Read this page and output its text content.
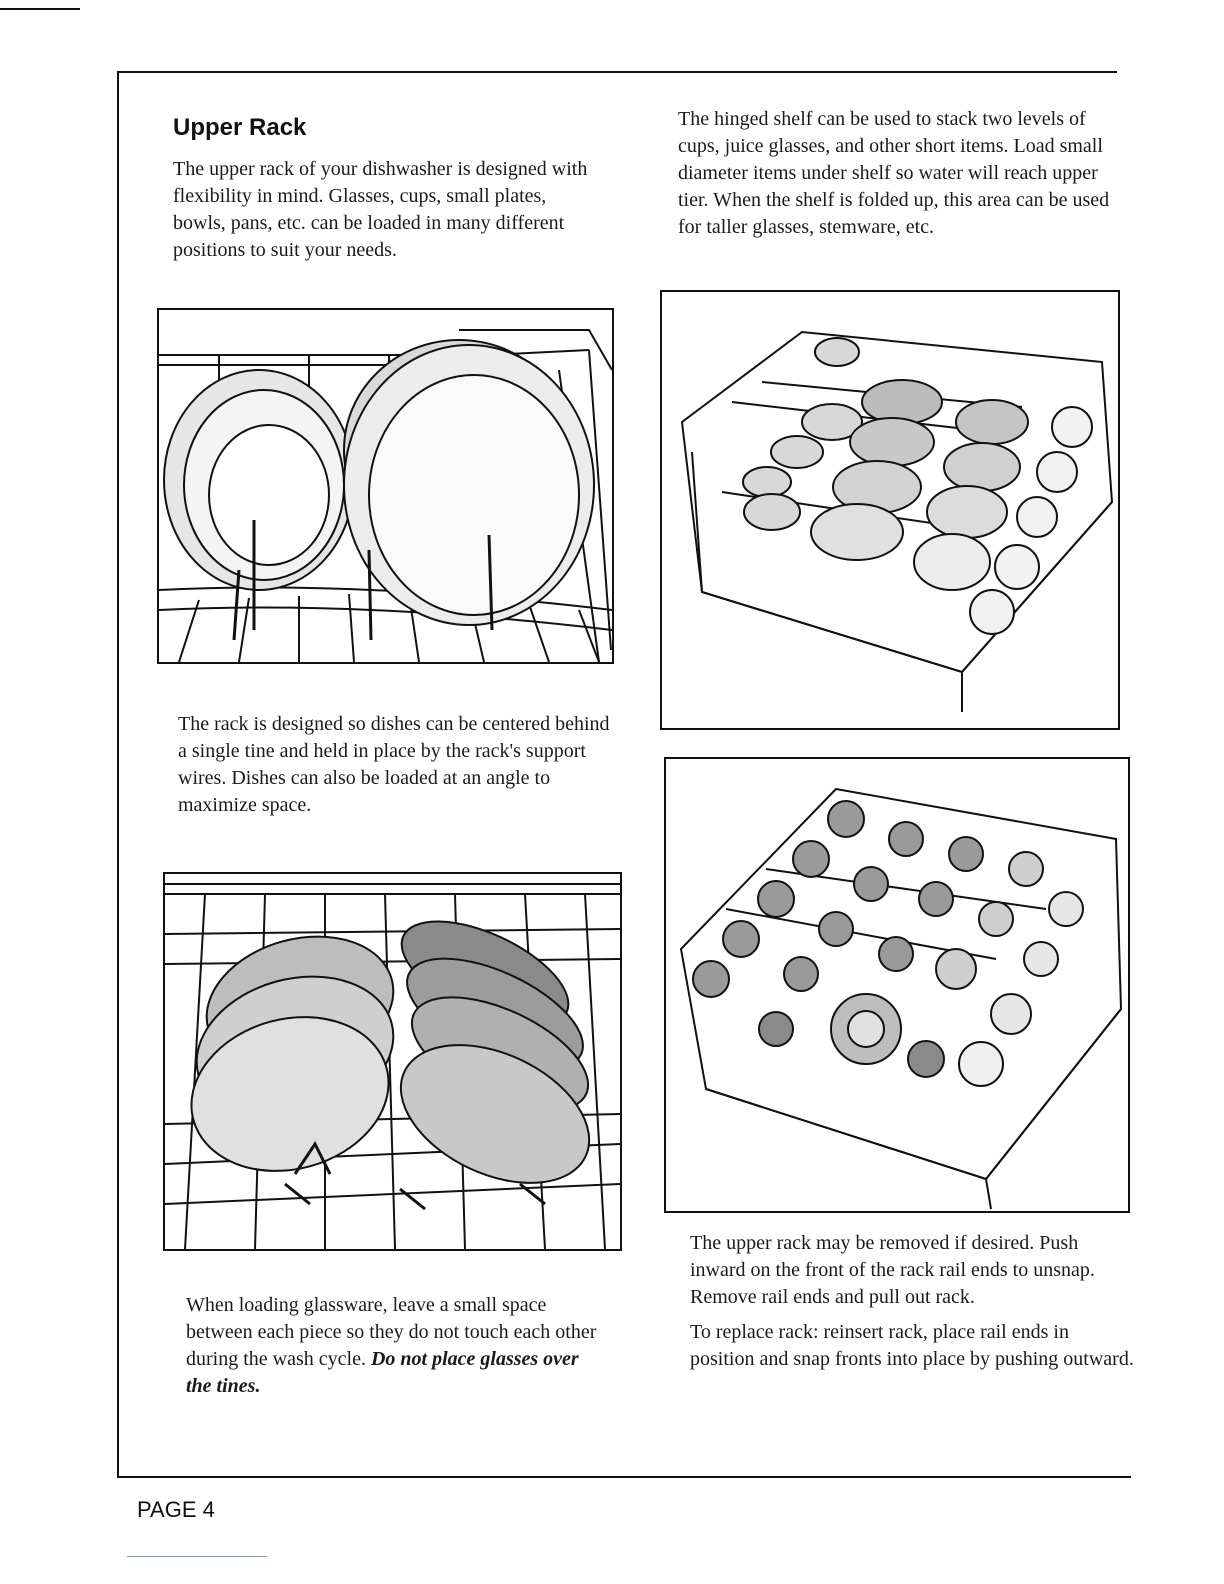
Upper Rack

The upper rack of your dishwasher is designed with flexibility in mind. Glasses, cups, small plates, bowls, pans, etc. can be loaded in many different positions to suit your needs.

The rack is designed so dishes can be centered behind a single tine and held in place by the rack's support wires. Dishes can also be loaded at an angle to maximize space.

When loading glassware, leave a small space between each piece so they do not touch each other during the wash cycle. Do not place glasses over the tines.

The hinged shelf can be used to stack two levels of cups, juice glasses, and other short items. Load small diameter items under shelf so water will reach upper tier. When the shelf is folded up, this area can be used for taller glasses, stemware, etc.

The upper rack may be removed if desired. Push inward on the front of the rack rail ends to unsnap. Remove rail ends and pull out rack.

To replace rack: reinsert rack, place rail ends in position and snap fronts into place by pushing outward.

PAGE 4
